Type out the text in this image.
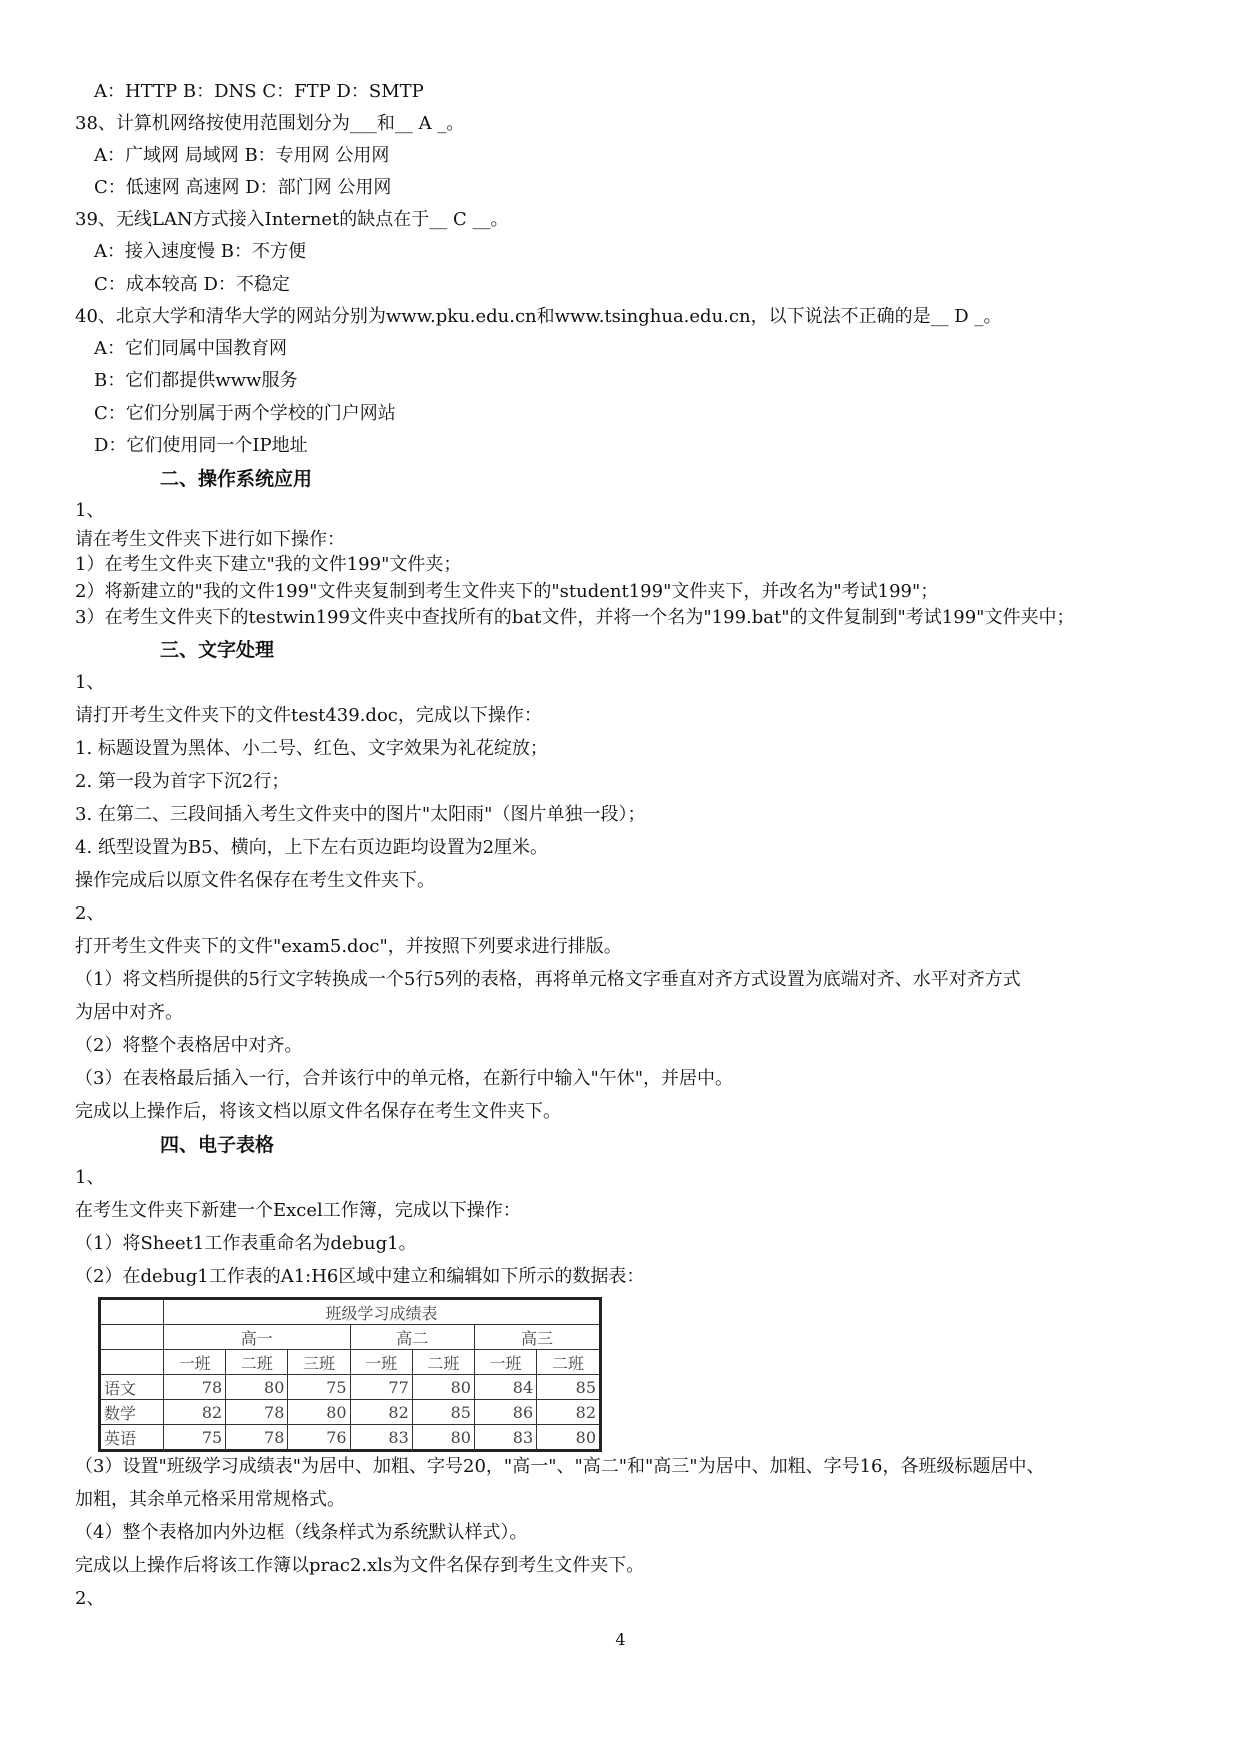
A：HTTP B：DNS C：FTP D：SMTP
38、计算机网络按使用范围划分为___和__ A _。
A：广域网 局域网 B：专用网 公用网
C：低速网 高速网 D：部门网 公用网
39、无线LAN方式接入Internet的缺点在于__ C __。
A：接入速度慢 B：不方便
C：成本较高 D：不稳定
40、北京大学和清华大学的网站分别为www.pku.edu.cn和www.tsinghua.edu.cn，以下说法不正确的是__ D _。
A：它们同属中国教育网
B：它们都提供www服务
C：它们分别属于两个学校的门户网站
D：它们使用同一个IP地址
二、操作系统应用
1、
请在考生文件夹下进行如下操作：
1）在考生文件夹下建立"我的文件199"文件夹；
2）将新建立的"我的文件199"文件夹复制到考生文件夹下的"student199"文件夹下，并改名为"考试199"；
3）在考生文件夹下的testwin199文件夹中查找所有的bat文件，并将一个名为"199.bat"的文件复制到"考试199"文件夹中；
三、文字处理
1、
请打开考生文件夹下的文件test439.doc，完成以下操作：
1. 标题设置为黑体、小二号、红色、文字效果为礼花绽放；
2. 第一段为首字下沉2行；
3. 在第二、三段间插入考生文件夹中的图片"太阳雨"（图片单独一段）；
4. 纸型设置为B5、横向，上下左右页边距均设置为2厘米。
操作完成后以原文件名保存在考生文件夹下。
2、
打开考生文件夹下的文件"exam5.doc"，并按照下列要求进行排版。
（1）将文档所提供的5行文字转换成一个5行5列的表格，再将单元格文字垂直对齐方式设置为底端对齐、水平对齐方式
为居中对齐。
（2）将整个表格居中对齐。
（3）在表格最后插入一行，合并该行中的单元格，在新行中输入"午休"，并居中。
完成以上操作后，将该文档以原文件名保存在考生文件夹下。
四、电子表格
1、
在考生文件夹下新建一个Excel工作簿，完成以下操作：
（1）将Sheet1工作表重命名为debug1。
（2）在debug1工作表的A1:H6区域中建立和编辑如下所示的数据表：
	班级学习成绩表						
	高一			高二		高三	
	一班	二班	三班	一班	二班	一班	二班
语文	78	80	75	77	80	84	85
数学	82	78	80	82	85	86	82
英语	75	78	76	83	80	83	80
（3）设置"班级学习成绩表"为居中、加粗、字号20，"高一"、"高二"和"高三"为居中、加粗、字号16，各班级标题居中、
加粗，其余单元格采用常规格式。
（4）整个表格加内外边框（线条样式为系统默认样式）。
完成以上操作后将该工作簿以prac2.xls为文件名保存到考生文件夹下。
2、
4
